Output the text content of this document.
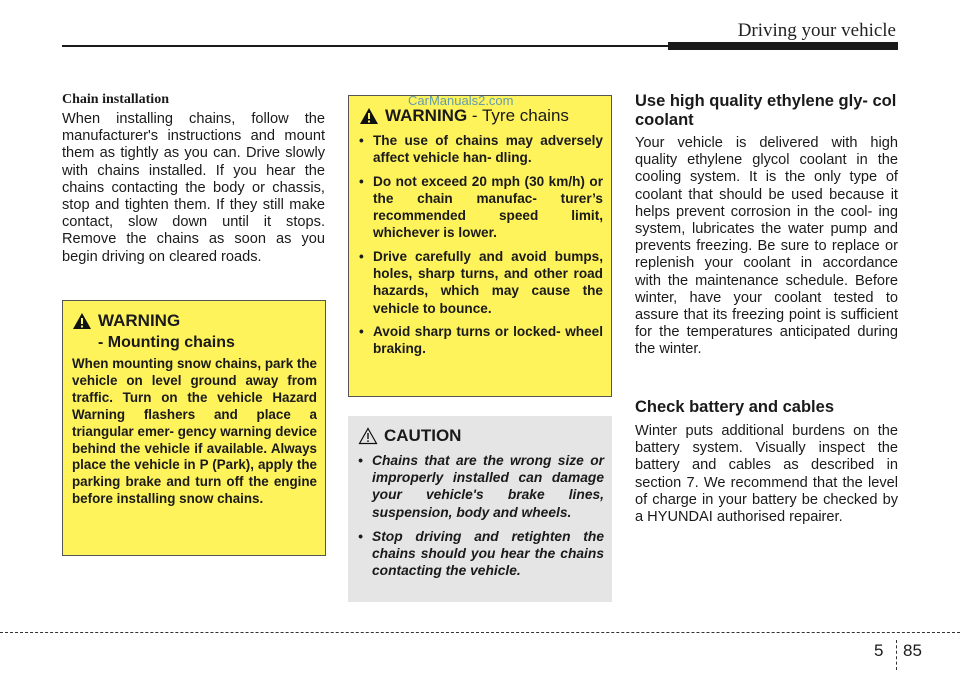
Driving your vehicle
Chain installation
When installing chains, follow the manufacturer's instructions and mount them as tightly as you can. Drive slowly with chains installed. If you hear the chains contacting the body or chassis, stop and tighten them. If they still make contact, slow down until it stops. Remove the chains as soon as you begin driving on cleared roads.
WARNING
- Mounting chains
When mounting snow chains, park the vehicle on level ground away from traffic. Turn on the vehicle Hazard Warning flashers and place a triangular emer- gency warning device behind the vehicle if available. Always place the vehicle in P (Park), apply the parking brake and turn off the engine before installing snow chains.
WARNING - Tyre chains
• The use of chains may adversely affect vehicle han- dling.
• Do not exceed 20 mph (30 km/h) or the chain manufac- turer’s recommended speed limit, whichever is lower.
• Drive carefully and avoid bumps, holes, sharp turns, and other road hazards, which may cause the vehicle to bounce.
• Avoid sharp turns or locked- wheel braking.
CarManuals2.com
CAUTION
• Chains that are the wrong size or improperly installed can damage your vehicle's brake lines, suspension, body and wheels.
• Stop driving and retighten the chains should you hear the chains contacting the vehicle.
Use high quality ethylene gly- col coolant
Your vehicle is delivered with high quality ethylene glycol coolant in the cooling system. It is the only type of coolant that should be used because it helps prevent corrosion in the cool- ing system, lubricates the water pump and prevents freezing. Be sure to replace or replenish your coolant in accordance with the maintenance schedule. Before winter, have your coolant tested to assure that its freezing point is sufficient for the temperatures anticipated during the winter.
Check battery and cables
Winter puts additional burdens on the battery system. Visually inspect the battery and cables as described in section 7. We recommend that the level of charge in your battery be checked by a HYUNDAI authorised repairer.
5 85
